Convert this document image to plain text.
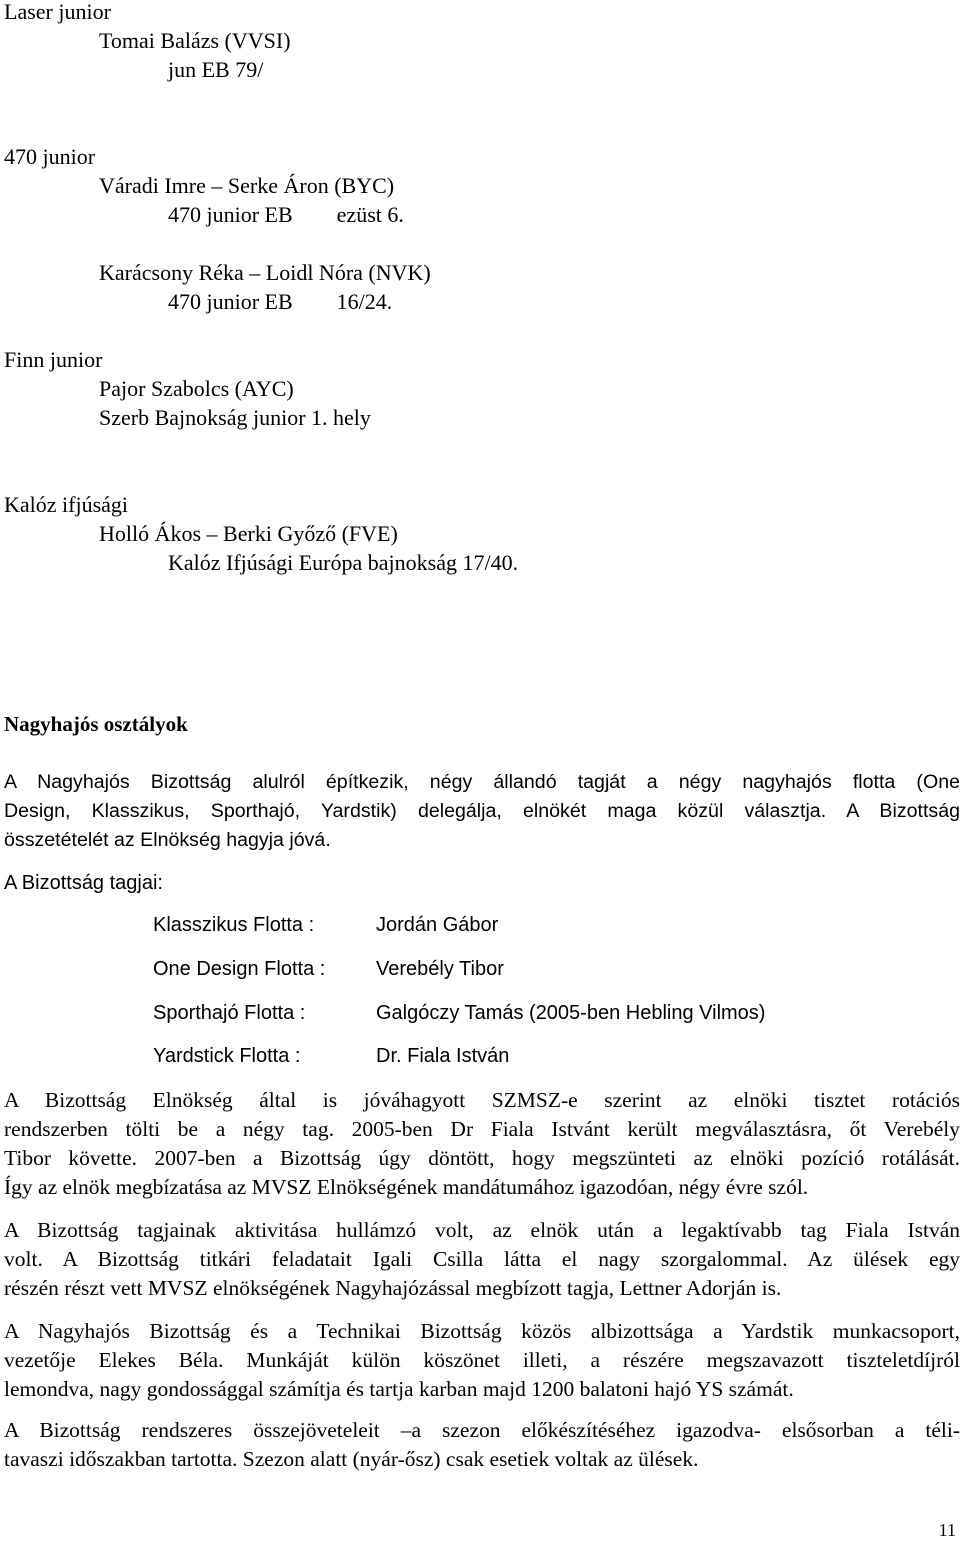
Laser junior
Tomai Balázs (VVSI)
jun EB 79/
470 junior
Váradi Imre – Serke Áron (BYC)
470 junior EB        ezüst 6.
Karácsony Réka – Loidl Nóra (NVK)
470 junior EB        16/24.
Finn junior
Pajor Szabolcs (AYC)
Szerb Bajnokság junior 1. hely
Kalóz ifjúsági
Holló Ákos – Berki Győző (FVE)
Kalóz Ifjúsági Európa bajnokság 17/40.
Nagyhajós osztályok
A Nagyhajós Bizottság alulról építkezik, négy állandó tagját a négy nagyhajós flotta (One
Design, Klasszikus, Sporthajó, Yardstik) delegálja, elnökét maga közül választja. A Bizottság
összetételét az Elnökség hagyja jóvá.
A Bizottság tagjai:
Klasszikus Flotta :	Jordán Gábor
One Design Flotta :	Verebély Tibor
Sporthajó Flotta :	Galgóczy Tamás (2005-ben Hebling Vilmos)
Yardstick Flotta :	Dr. Fiala István
A Bizottság Elnökség által is jóváhagyott SZMSZ-e szerint az elnöki tisztet rotációs
rendszerben tölti be a négy tag. 2005-ben Dr Fiala Istvánt került megválasztásra, őt Verebély
Tibor követte. 2007-ben a Bizottság úgy döntött, hogy megszünteti az elnöki pozíció rotálását.
Így az elnök megbízatása az MVSZ Elnökségének mandátumához igazodóan, négy évre szól.
A Bizottság tagjainak aktivitása hullámzó volt, az elnök után a legaktívabb tag Fiala István
volt. A Bizottság titkári feladatait Igali Csilla látta el nagy szorgalommal. Az ülések egy
részén részt vett MVSZ elnökségének Nagyhajózással megbízott tagja, Lettner Adorján is.
A Nagyhajós Bizottság és a Technikai Bizottság közös albizottsága a Yardstik munkacsoport,
vezetője Elekes Béla. Munkáját külön köszönet illeti, a részére megszavazott tiszteletdíjról
lemondva, nagy gondossággal számítja és tartja karban majd 1200 balatoni hajó YS számát.
A Bizottság rendszeres összejöveteleit –a szezon előkészítéséhez igazodva- elsősorban a téli-
tavaszi időszakban tartotta. Szezon alatt (nyár-ősz) csak esetiek voltak az ülések.
11
